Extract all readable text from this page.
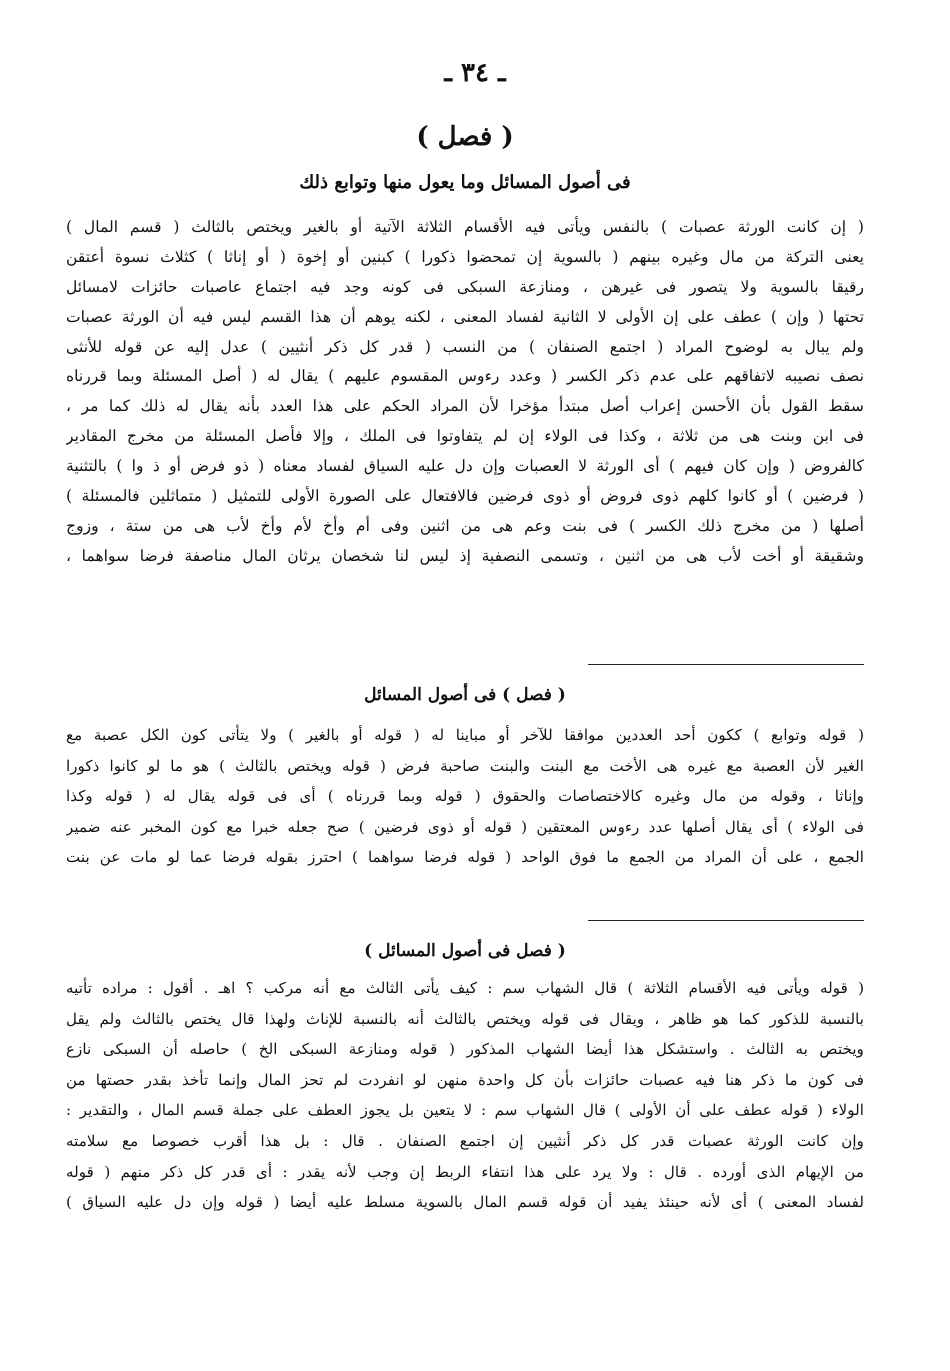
ـ ٣٤ ـ
( فصل )
فى أصول المسائل وما يعول منها وتوابع ذلك
( إن كانت الورثة عصبات ) بالنفس ويأتى فيه الأقسام الثلاثة الآتية أو بالغير ويختص بالثالث ( قسم المال )
يعنى التركة من مال وغيره بينهم ( بالسوية إن تمحضوا ذكورا ) كبنين أو إخوة ( أو إناثا ) كثلاث نسوة أعتقن
رقيقا بالسوية ولا يتصور فى غيرهن ، ومنازعة السبكى فى كونه وجد فيه اجتماع عاصبات حائزات لامسائل
تحتها ( وإن ) عطف على إن الأولى لا الثانية لفساد المعنى ، لكنه يوهم أن هذا القسم ليس فيه أن الورثة عصبات
ولم يبال به لوضوح المراد ( اجتمع الصنفان ) من النسب ( قدر كل ذكر أنثيين ) عدل إليه عن قوله للأنثى
نصف نصيبه لاتفاقهم على عدم ذكر الكسر ( وعدد رءوس المقسوم عليهم ) يقال له ( أصل المسئلة وبما قررناه
سقط القول بأن الأحسن إعراب أصل مبتدأ مؤخرا لأن المراد الحكم على هذا العدد بأنه يقال له ذلك كما مر ،
فى ابن وبنت هى من ثلاثة ، وكذا فى الولاء إن لم يتفاوتوا فى الملك ، وإلا فأصل المسئلة من مخرج المقادير
كالفروض ( وإن كان فيهم ) أى الورثة لا العصبات وإن دل عليه السياق لفساد معناه ( ذو فرض أو ذ وا ) بالتثنية
( فرضين ) أو كانوا كلهم ذوى فروض أو ذوى فرضين فالافتعال على الصورة الأولى للتمثيل ( متماثلين فالمسئلة )
أصلها ( من مخرج ذلك الكسر ) فى بنت وعم هى من اثنين وفى أم وأخ لأم وأخ لأب هى من ستة ، وزوج
وشقيقة أو أخت لأب هى من اثنين ، وتسمى النصفية إذ ليس لنا شخصان يرثان المال مناصفة فرضا سواهما ،
( فصل ) فى أصول المسائل
( قوله وتوابع ) ككون أحد العددين موافقا للآخر أو مباينا له ( قوله أو بالغير ) ولا يتأتى كون الكل عصبة مع
الغير لأن العصبة مع غيره هى الأخت مع البنت والبنت صاحبة فرض ( قوله ويختص بالثالث ) هو ما لو كانوا ذكورا
وإناثا ، وقوله من مال وغيره كالاختصاصات والحقوق ( قوله وبما قررناه ) أى فى قوله يقال له ( قوله وكذا
فى الولاء ) أى يقال أصلها عدد رءوس المعتقين ( قوله أو ذوى فرضين ) صح جعله خبرا مع كون المخبر عنه ضمير
الجمع ، على أن المراد من الجمع ما فوق الواحد ( قوله فرضا سواهما ) احترز بقوله فرضا عما لو مات عن بنت
( فصل فى أصول المسائل )
( قوله ويأتى فيه الأقسام الثلاثة ) قال الشهاب سم : كيف يأتى الثالث مع أنه مركب ؟ اهـ . أقول : مراده تأتيه
بالنسبة للذكور كما هو ظاهر ، ويقال فى قوله ويختص بالثالث أنه بالنسبة للإناث ولهذا قال يختص بالثالث ولم يقل
ويختص به الثالث . واستشكل هذا أيضا الشهاب المذكور ( قوله ومنازعة السبكى الخ ) حاصله أن السبكى نازع
فى كون ما ذكر هنا فيه عصبات حائزات بأن كل واحدة منهن لو انفردت لم تحز المال وإنما تأخذ بقدر حصتها من
الولاء ( قوله عطف على أن الأولى ) قال الشهاب سم : لا يتعين بل يجوز العطف على جملة قسم المال ، والتقدير :
وإن كانت الورثة عصبات قدر كل ذكر أنثيين إن اجتمع الصنفان . قال : بل هذا أقرب خصوصا مع سلامته
من الإيهام الذى أورده . قال : ولا يرد على هذا انتفاء الربط إن وجب لأنه يقدر : أى قدر كل ذكر منهم ( قوله
لفساد المعنى ) أى لأنه حينئذ يفيد أن قوله قسم المال بالسوية مسلط عليه أيضا ( قوله وإن دل عليه السياق )
